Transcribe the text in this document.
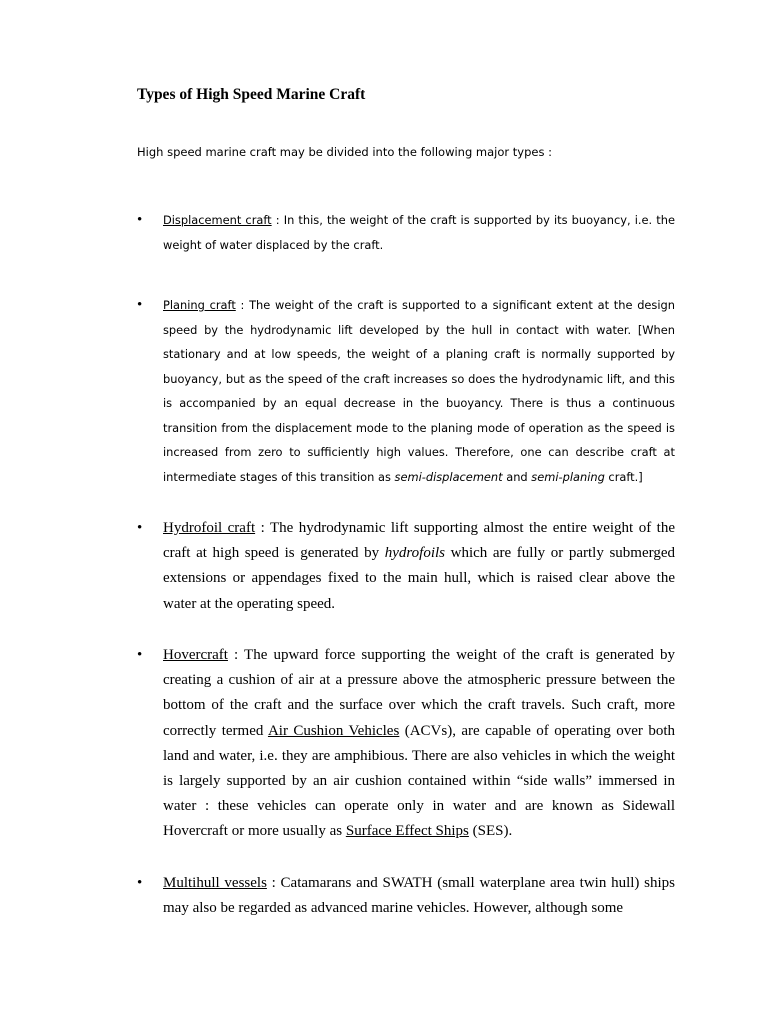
Types of High Speed Marine Craft
High speed marine craft may be divided into the following major types :
• Displacement craft : In this, the weight of the craft is supported by its buoyancy, i.e. the weight of water displaced by the craft.
• Planing craft : The weight of the craft is supported to a significant extent at the design speed by the hydrodynamic lift developed by the hull in contact with water. [When stationary and at low speeds, the weight of a planing craft is normally supported by buoyancy, but as the speed of the craft increases so does the hydrodynamic lift, and this is accompanied by an equal decrease in the buoyancy. There is thus a continuous transition from the displacement mode to the planing mode of operation as the speed is increased from zero to sufficiently high values. Therefore, one can describe craft at intermediate stages of this transition as semi-displacement and semi-planing craft.]
• Hydrofoil craft : The hydrodynamic lift supporting almost the entire weight of the craft at high speed is generated by hydrofoils which are fully or partly submerged extensions or appendages fixed to the main hull, which is raised clear above the water at the operating speed.
• Hovercraft : The upward force supporting the weight of the craft is generated by creating a cushion of air at a pressure above the atmospheric pressure between the bottom of the craft and the surface over which the craft travels. Such craft, more correctly termed Air Cushion Vehicles (ACVs), are capable of operating over both land and water, i.e. they are amphibious. There are also vehicles in which the weight is largely supported by an air cushion contained within “side walls” immersed in water : these vehicles can operate only in water and are known as Sidewall Hovercraft or more usually as Surface Effect Ships (SES).
• Multihull vessels : Catamarans and SWATH (small waterplane area twin hull) ships may also be regarded as advanced marine vehicles. However, although some
